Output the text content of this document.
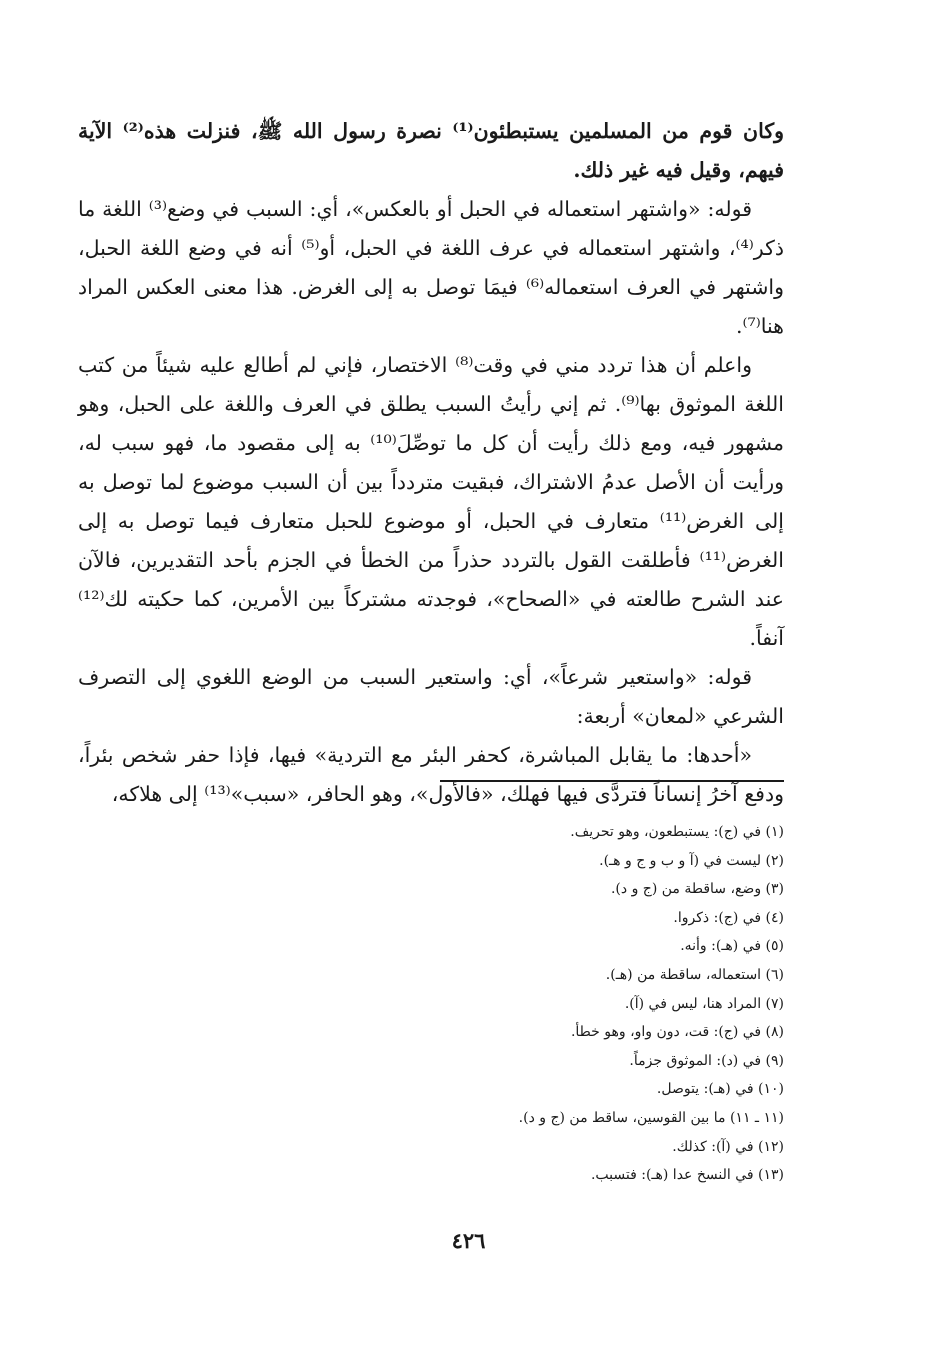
وكان قوم من المسلمين يستبطئون⁽¹⁾ نصرة رسول الله ﷺ، فنزلت هذه⁽²⁾ الآية فيهم، وقيل فيه غير ذلك.

قوله: «واشتهر استعماله في الحبل أو بالعكس»، أي: السبب في وضع⁽³⁾ اللغة ما ذكر⁽⁴⁾، واشتهر استعماله في عرف اللغة في الحبل، أو⁽⁵⁾ أنه في وضع اللغة الحبل، واشتهر في العرف استعماله⁽⁶⁾ فيمَا توصل به إلى الغرض. هذا معنى العكس المراد هنا⁽⁷⁾.

واعلم أن هذا تردد مني في وقت⁽⁸⁾ الاختصار، فإني لم أطالع عليه شيئاً من كتب اللغة الموثوق بها⁽⁹⁾. ثم إني رأيتُ السبب يطلق في العرف واللغة على الحبل، وهو مشهور فيه، ومع ذلك رأيت أن كل ما توصِّلَ⁽¹⁰⁾ به إلى مقصود ما، فهو سبب له، ورأيت أن الأصل عدمُ الاشتراك، فبقيت متردداً بين أن السبب موضوع لما توصل به إلى الغرض⁽¹¹⁾ متعارف في الحبل، أو موضوع للحبل متعارف فيما توصل به إلى الغرض⁽¹¹⁾ فأطلقت القول بالتردد حذراً من الخطأ في الجزم بأحد التقديرين، فالآن عند الشرح طالعته في «الصحاح»، فوجدته مشتركاً بين الأمرين، كما حكيته لك⁽¹²⁾ آنفاً.

قوله: «واستعير شرعاً»، أي: واستعير السبب من الوضع اللغوي إلى التصرف الشرعي «لمعان» أربعة:

«أحدها: ما يقابل المباشرة، كحفر البئر مع التردية» فيها، فإذا حفر شخص بئراً، ودفع آخرُ إنساناً فتردَّى فيها فهلك، «فالأول»، وهو الحافر، «سبب»⁽¹³⁾ إلى هلاكه،

(١) في (ج): يستبطعون، وهو تحريف.
(٢) ليست في (آ و ب و ج و هـ).
(٣) وضع، ساقطة من (ج و د).
(٤) في (ج): ذكروا.
(٥) في (هـ): وأنه.
(٦) استعماله، ساقطة من (هـ).
(٧) المراد هنا، ليس في (آ).
(٨) في (ج): قت، دون واو، وهو خطأ.
(٩) في (د): الموثوق جزماً.
(١٠) في (هـ): يتوصل.
(١١ ـ ١١) ما بين القوسين، ساقط من (ج و د).
(١٢) في (آ): كذلك.
(١٣) في النسخ عدا (هـ): فتسبب.
٤٢٦
